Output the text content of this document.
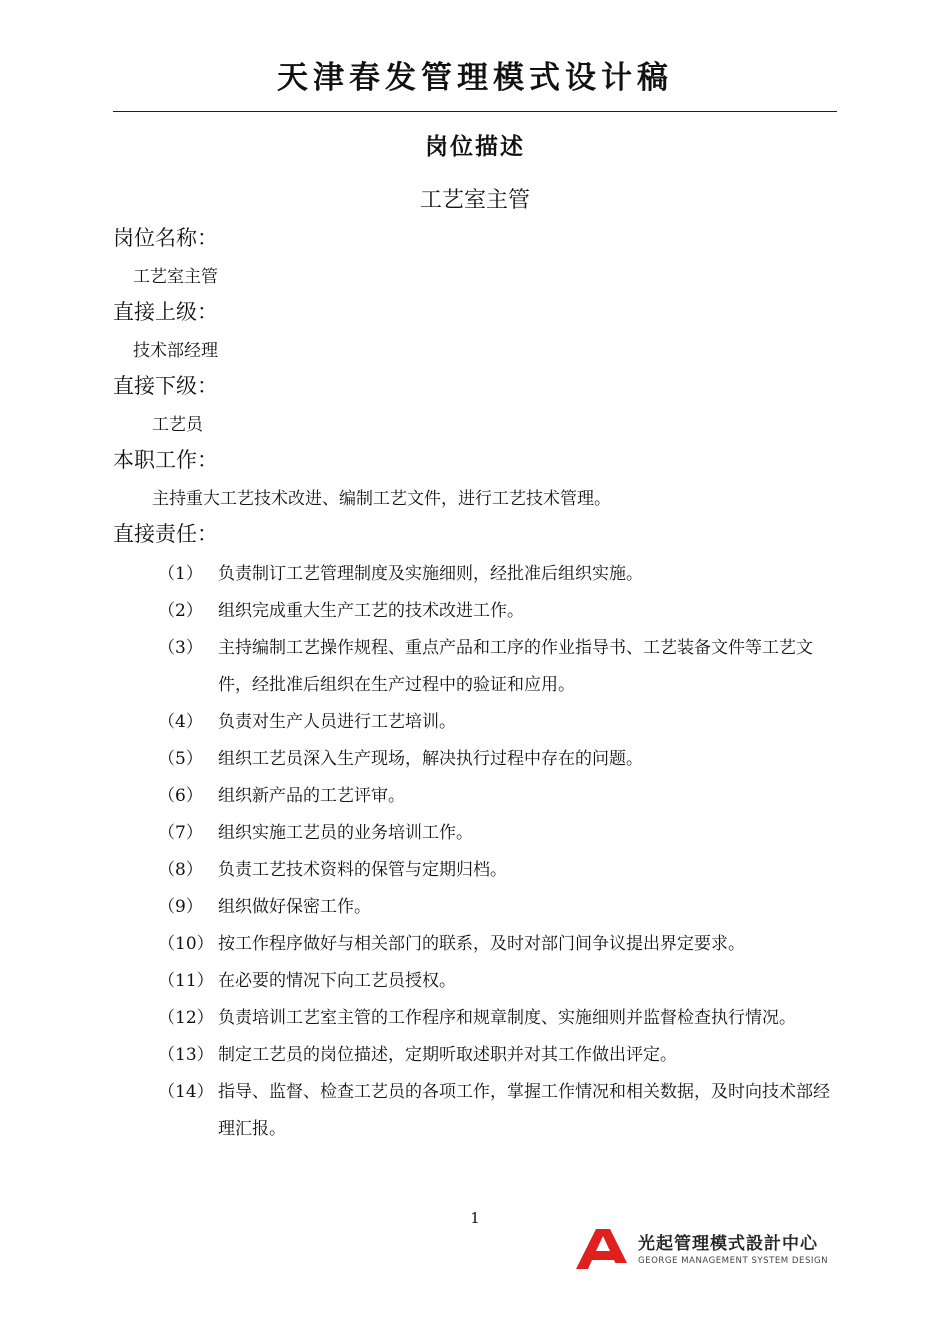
天津春发管理模式设计稿
岗位描述
工艺室主管
岗位名称：
工艺室主管
直接上级：
技术部经理
直接下级：
工艺员
本职工作：
主持重大工艺技术改进、编制工艺文件，进行工艺技术管理。
直接责任：
（1） 负责制订工艺管理制度及实施细则，经批准后组织实施。
（2） 组织完成重大生产工艺的技术改进工作。
（3） 主持编制工艺操作规程、重点产品和工序的作业指导书、工艺装备文件等工艺文件，经批准后组织在生产过程中的验证和应用。
（4） 负责对生产人员进行工艺培训。
（5） 组织工艺员深入生产现场，解决执行过程中存在的问题。
（6） 组织新产品的工艺评审。
（7） 组织实施工艺员的业务培训工作。
（8） 负责工艺技术资料的保管与定期归档。
（9） 组织做好保密工作。
（10） 按工作程序做好与相关部门的联系，及时对部门间争议提出界定要求。
（11） 在必要的情况下向工艺员授权。
（12） 负责培训工艺室主管的工作程序和规章制度、实施细则并监督检查执行情况。
（13） 制定工艺员的岗位描述，定期听取述职并对其工作做出评定。
（14） 指导、监督、检查工艺员的各项工作，掌握工作情况和相关数据，及时向技术部经理汇报。
1
光起管理模式設計中心
GEORGE MANAGEMENT SYSTEM DESIGN
